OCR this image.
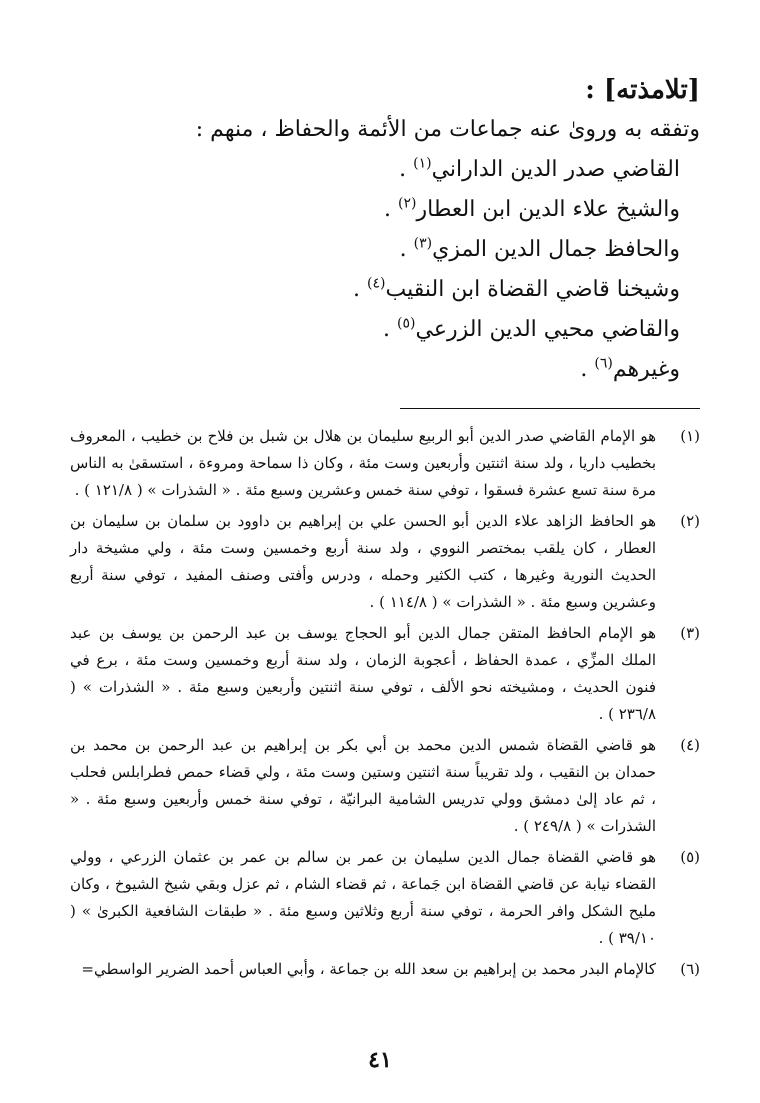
[تلامذته] :

وتفقه به وروىٰ عنه جماعات من الأئمة والحفاظ ، منهم :

القاضي صدر الدين الداراني$^{(١)}$ .

والشيخ علاء الدين ابن العطار$^{(٢)}$ .

والحافظ جمال الدين المزي$^{(٣)}$ .

وشيخنا قاضي القضاة ابن النقيب$^{(٤)}$ .

والقاضي محيي الدين الزرعي$^{(٥)}$ .

وغيرهم$^{(٦)}$ .

(١)
هو الإمام القاضي صدر الدين أبو الربيع سليمان بن هلال بن شبل بن فلاح بن خطيب ، المعروف بخطيب داريا ، ولد سنة اثنتين وأربعين وست مئة ، وكان ذا سماحة ومروءة ، استسقىٰ به الناس مرة سنة تسع عشرة فسقوا ، توفي سنة خمس وعشرين وسبع مئة . « الشذرات » ( ١٢١/٨ ) .
(٢)
هو الحافظ الزاهد علاء الدين أبو الحسن علي بن إبراهيم بن داوود بن سلمان بن سليمان بن العطار ، كان يلقب بمختصر النووي ، ولد سنة أربع وخمسين وست مئة ، ولي مشيخة دار الحديث النورية وغيرها ، كتب الكثير وحمله ، ودرس وأفتى وصنف المفيد ، توفي سنة أربع وعشرين وسبع مئة . « الشذرات » ( ١١٤/٨ ) .
(٣)
هو الإمام الحافظ المتقن جمال الدين أبو الحجاج يوسف بن عبد الرحمن بن يوسف بن عبد الملك المزِّي ، عمدة الحفاظ ، أعجوبة الزمان ، ولد سنة أربع وخمسين وست مئة ، برع في فنون الحديث ، ومشيخته نحو الألف ، توفي سنة اثنتين وأربعين وسبع مئة . « الشذرات » ( ٢٣٦/٨ ) .
(٤)
هو قاضي القضاة شمس الدين محمد بن أبي بكر بن إبراهيم بن عبد الرحمن بن محمد بن حمدان بن النقيب ، ولد تقريباً سنة اثنتين وستين وست مئة ، ولي قضاء حمص فطرابلس فحلب ، ثم عاد إلىٰ دمشق وولي تدريس الشامية البرانيّة ، توفي سنة خمس وأربعين وسبع مئة . « الشذرات » ( ٢٤٩/٨ ) .
(٥)
هو قاضي القضاة جمال الدين سليمان بن عمر بن سالم بن عمر بن عثمان الزرعي ، وولي القضاء نيابة عن قاضي القضاة ابن جَماعة ، ثم قضاء الشام ، ثم عزل وبقي شيخ الشيوخ ، وكان مليح الشكل وافر الحرمة ، توفي سنة أربع وثلاثين وسبع مئة . « طبقات الشافعية الكبرىٰ » ( ٣٩/١٠ ) .
(٦)
كالإمام البدر محمد بن إبراهيم بن سعد الله بن جماعة ، وأبي العباس أحمد الضرير الواسطي=
٤١
